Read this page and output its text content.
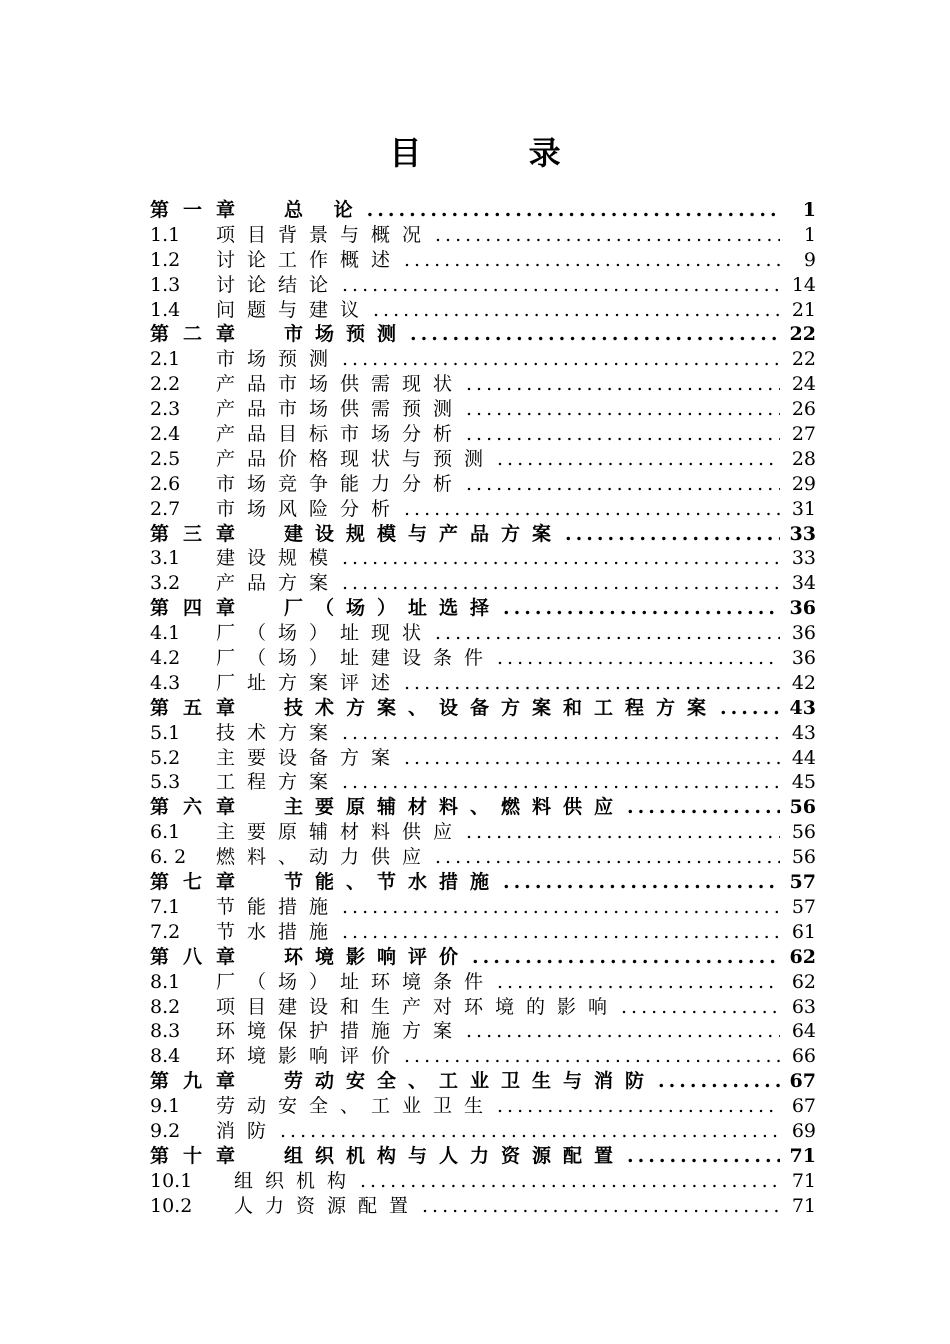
目 录
第一章	总 论 .....	1
1.1	项目背景与概况 .....	1
1.2	讨论工作概述 .....	9
1.3	讨论结论 .....	14
1.4	问题与建议 .....	21
第二章	市场预测 .....	22
2.1	市场预测 .....	22
2.2	产品市场供需现状 .....	24
2.3	产品市场供需预测 .....	26
2.4	产品目标市场分析 .....	27
2.5	产品价格现状与预测 .....	28
2.6	市场竞争能力分析 .....	29
2.7	市场风险分析 .....	31
第三章	建设规模与产品方案 .....	33
3.1	建设规模 .....	33
3.2	产品方案 .....	34
第四章	厂（场）址选择 .....	36
4.1	厂（场）址现状 .....	36
4.2	厂（场）址建设条件 .....	36
4.3	厂址方案评述 .....	42
第五章	技术方案、设备方案和工程方案 .....	43
5.1	技术方案 .....	43
5.2	主要设备方案 .....	44
5.3	工程方案 .....	45
第六章	主要原辅材料、燃料供应 .....	56
6.1	主要原辅材料供应 .....	56
6. 2	燃料、动力供应 .....	56
第七章	节能、节水措施 .....	57
7.1	节能措施 .....	57
7.2	节水措施 .....	61
第八章	环境影响评价 .....	62
8.1	厂（场）址环境条件 .....	62
8.2	项目建设和生产对环境的影响 .....	63
8.3	环境保护措施方案 .....	64
8.4	环境影响评价 .....	66
第九章	劳动安全、工业卫生与消防 .....	67
9.1	劳动安全、工业卫生 .....	67
9.2	消防 .....	69
第十章	组织机构与人力资源配置 .....	71
10.1	组织机构 .....	71
10.2	人力资源配置 .....	71
